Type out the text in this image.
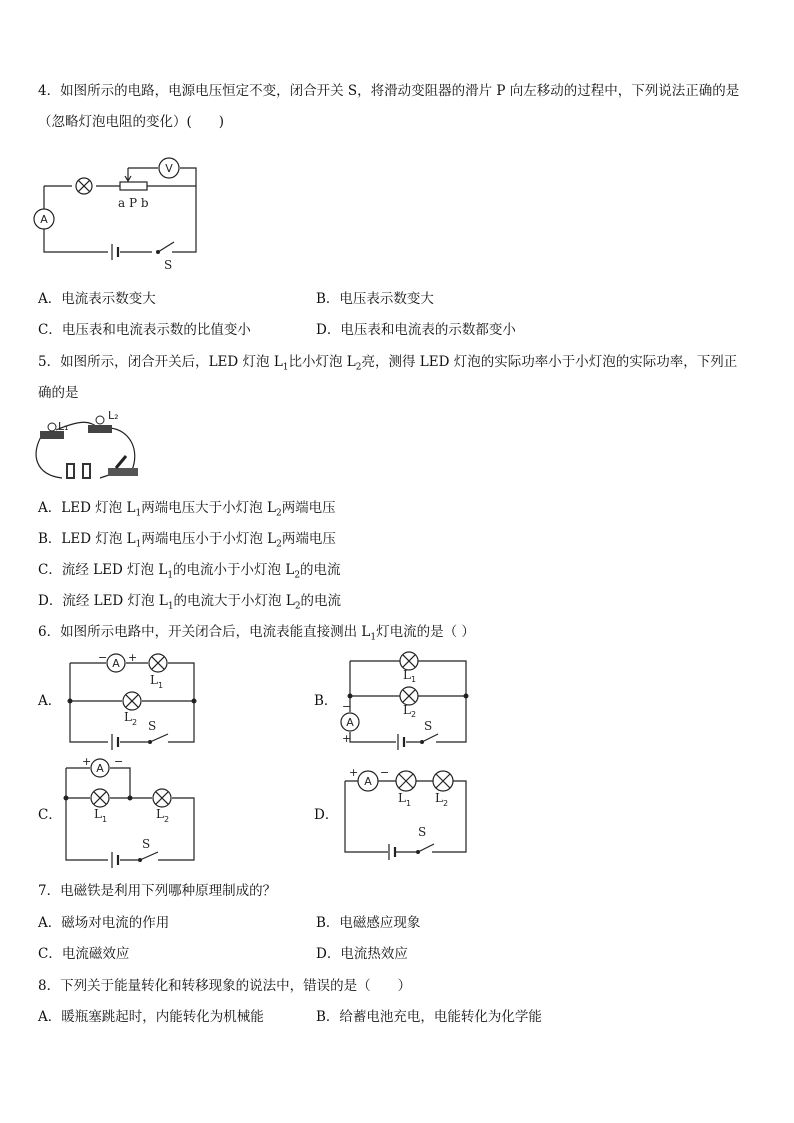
4．如图所示的电路，电源电压恒定不变，闭合开关 S，将滑动变阻器的滑片 P 向左移动的过程中，下列说法正确的是
（忽略灯泡电阻的变化）(　　)
V
a P b
A
S
A．电流表示数变大	B．电压表示数变大
C．电压表和电流表示数的比值变小	D．电压表和电流表的示数都变小
5．如图所示，闭合开关后，LED 灯泡 $L_1$比小灯泡 $L_2$亮，测得 LED 灯泡的实际功率小于小灯泡的实际功率，下列正
确的是
L₁
L₂
A．LED 灯泡 $L_1$两端电压大于小灯泡 $L_2$两端电压
B．LED 灯泡 $L_1$两端电压小于小灯泡 $L_2$两端电压
C．流经 LED 灯泡 $L_1$的电流小于小灯泡 $L_2$的电流
D．流经 LED 灯泡 $L_1$的电流大于小灯泡 $L_2$的电流
6．如图所示电路中，开关闭合后，电流表能直接测出 $L_1$灯电流的是（ ）
A．	B．
C．	D．
A
− +
L 1
L 2 S
L 1
L 2
A
−
+
S
A
+ −
L 1	L 2
S
A
+ −
L 1 L 2
S
7．电磁铁是利用下列哪种原理制成的？
A．磁场对电流的作用	B．电磁感应现象
C．电流磁效应	D．电流热效应
8．下列关于能量转化和转移现象的说法中，错误的是（　　）
A．暖瓶塞跳起时，内能转化为机械能	B．给蓄电池充电，电能转化为化学能
